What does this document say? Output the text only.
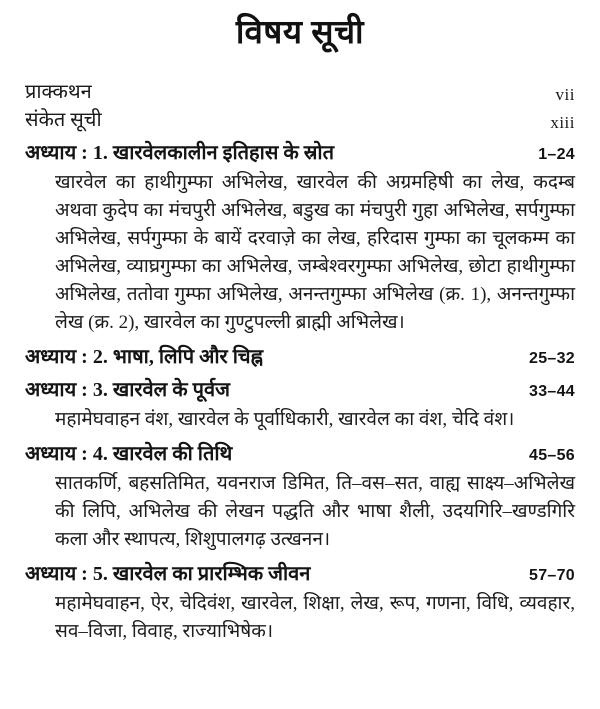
विषय सूची
प्राक्कथन	vii
संकेत सूची	xiii
अध्याय : 1. खारवेलकालीन इतिहास के स्रोत	1–24

खारवेल का हाथीगुम्फा अभिलेख, खारवेल की अग्रमहिषी का लेख, कदम्ब अथवा कुदेप का मंचपुरी अभिलेख, बडुख का मंचपुरी गुहा अभिलेख, सर्पगुम्फा अभिलेख, सर्पगुम्फा के बायें दरवाज़े का लेख, हरिदास गुम्फा का चूलकम्म का अभिलेख, व्याघ्रगुम्फा का अभिलेख, जम्बेश्वरगुम्फा अभिलेख, छोटा हाथीगुम्फा अभिलेख, ततोवा गुम्फा अभिलेख, अनन्तगुम्फा अभिलेख (क्र. 1), अनन्तगुम्फा लेख (क्र. 2), खारवेल का गुण्टुपल्ली ब्राह्मी अभिलेख।

अध्याय : 2. भाषा, लिपि और चिह्न	25–32
अध्याय : 3. खारवेल के पूर्वज	33–44

महामेघवाहन वंश, खारवेल के पूर्वाधिकारी, खारवेल का वंश, चेदि वंश।

अध्याय : 4. खारवेल की तिथि	45–56

सातकर्णि, बहसतिमित, यवनराज डिमित, ति–वस–सत, वाह्य साक्ष्य–अभिलेख की लिपि, अभिलेख की लेखन पद्धति और भाषा शैली, उदयगिरि–खण्डगिरि कला और स्थापत्य, शिशुपालगढ़ उत्खनन।

अध्याय : 5. खारवेल का प्रारम्भिक जीवन	57–70

महामेघवाहन, ऐर, चेदिवंश, खारवेल, शिक्षा, लेख, रूप, गणना, विधि, व्यवहार, सव–विजा, विवाह, राज्याभिषेक।
